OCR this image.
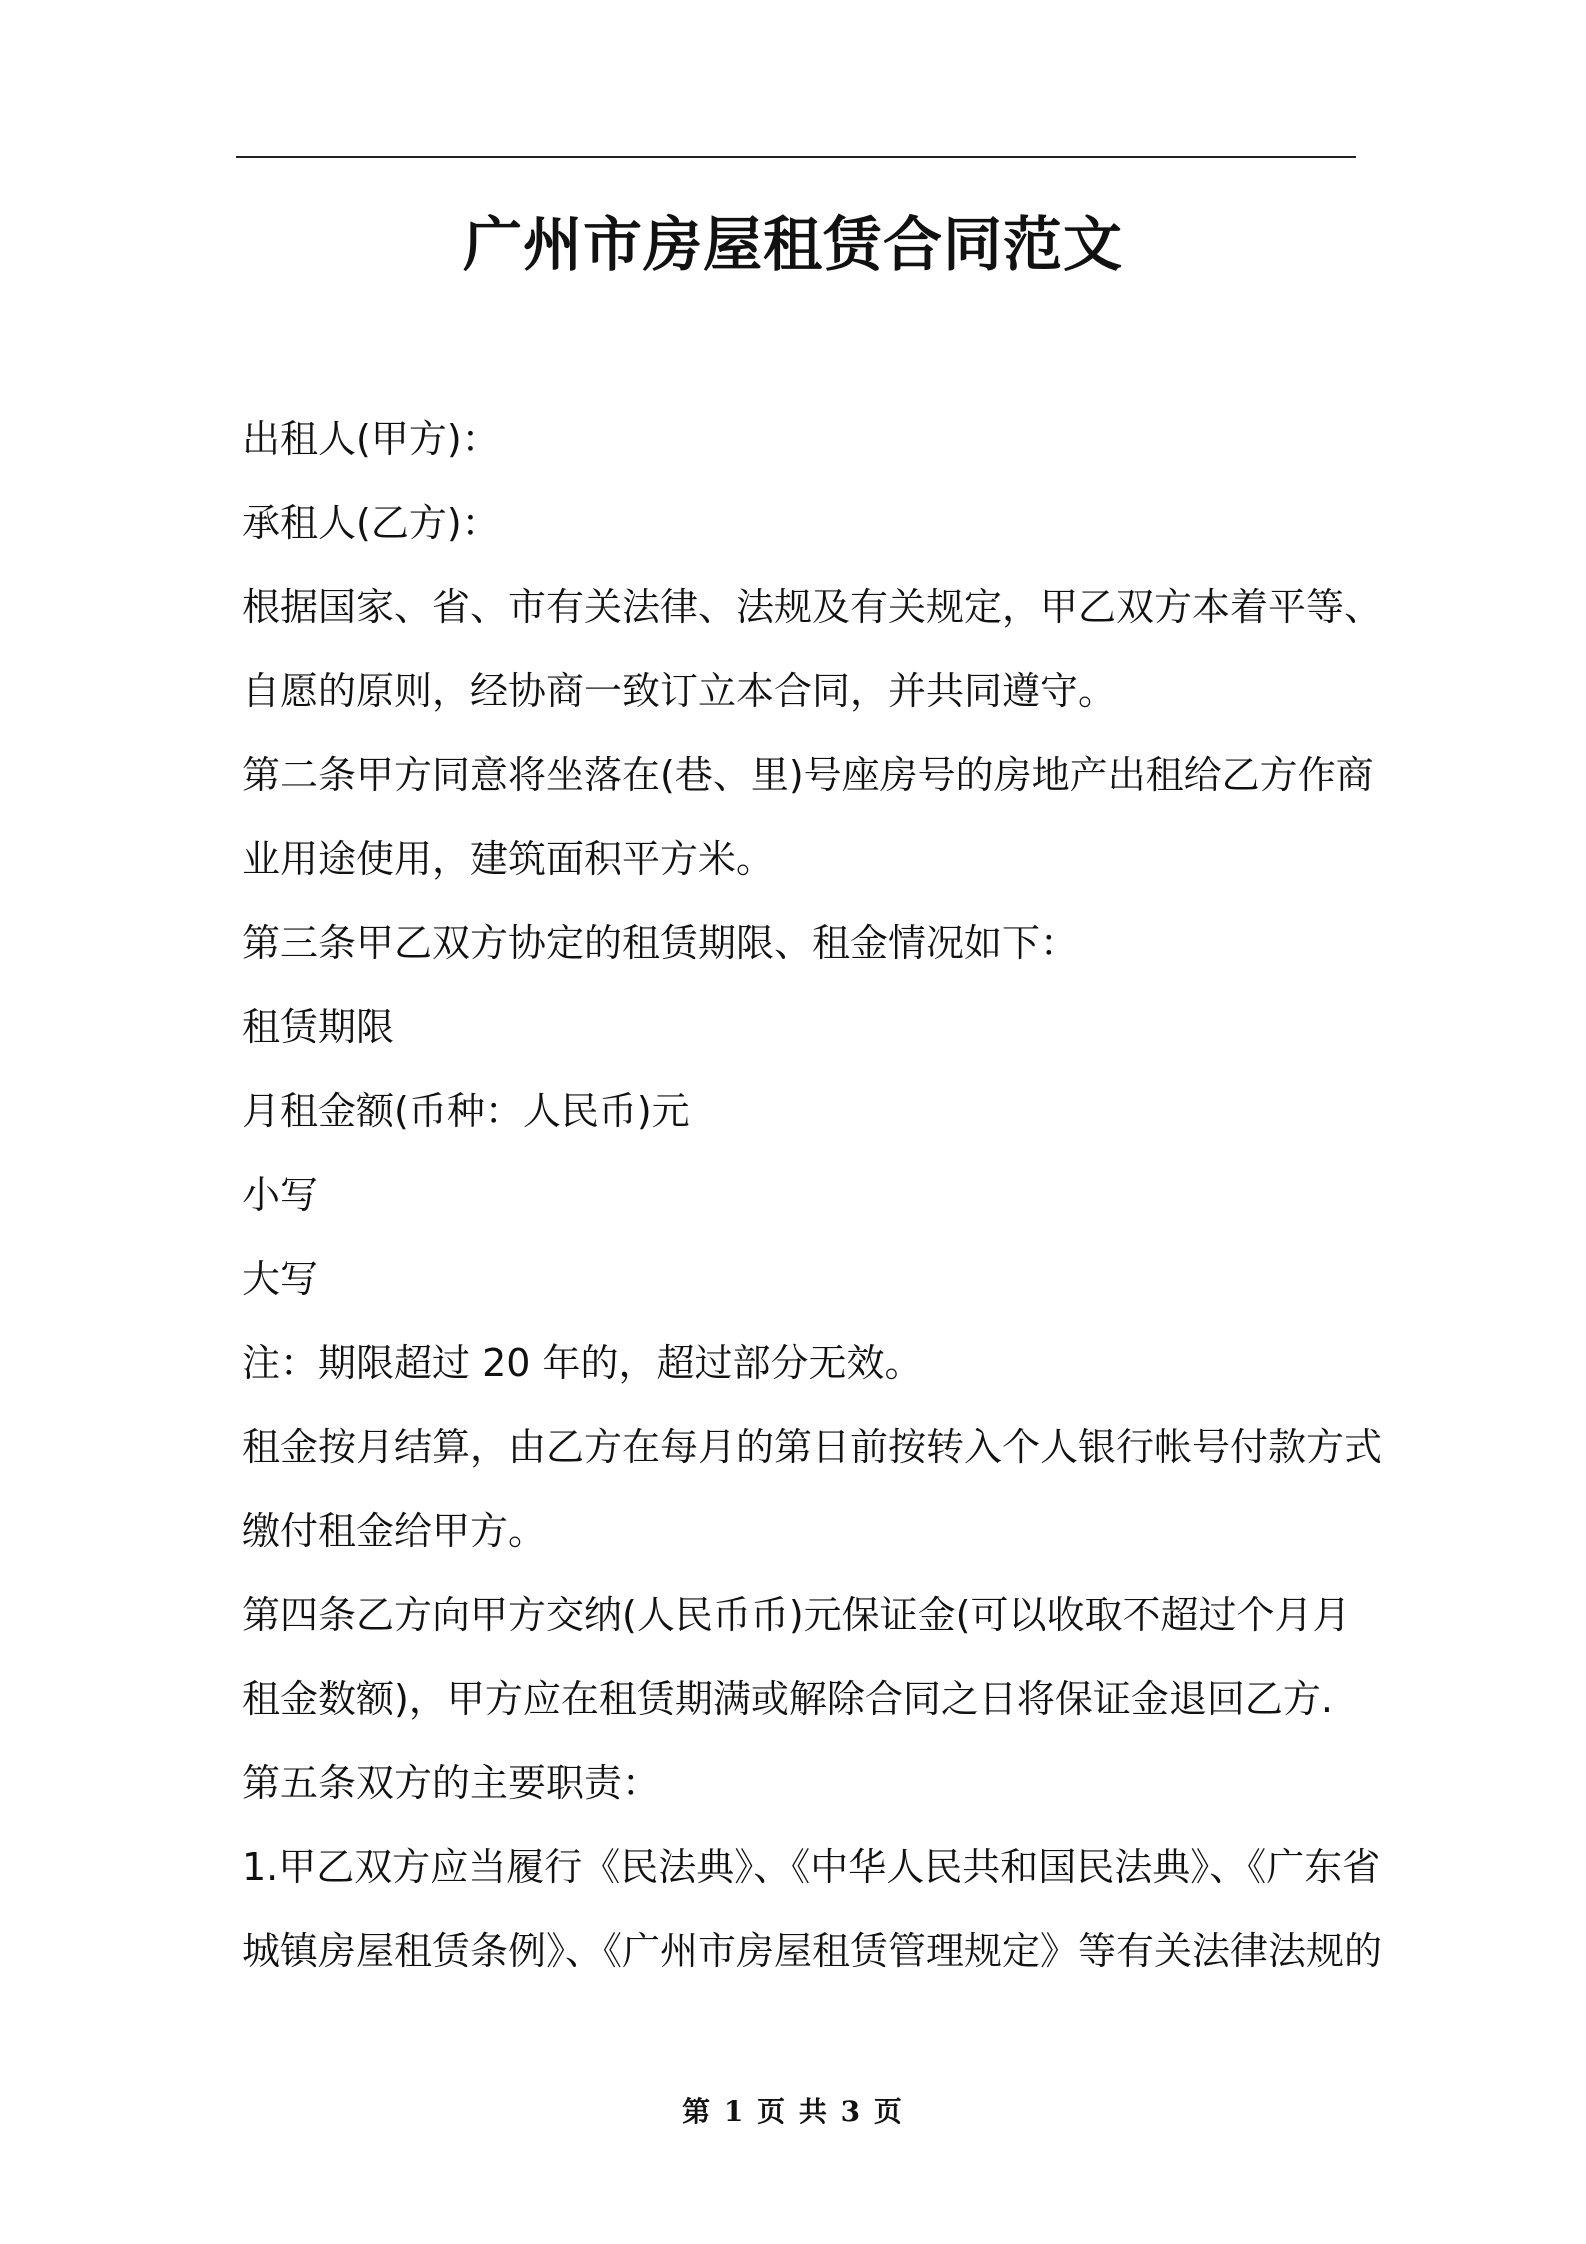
广州市房屋租赁合同范文
出租人(甲方)：
承租人(乙方)：
根据国家、省、市有关法律、法规及有关规定，甲乙双方本着平等、
自愿的原则，经协商一致订立本合同，并共同遵守。
第二条甲方同意将坐落在(巷、里)号座房号的房地产出租给乙方作商
业用途使用，建筑面积平方米。
第三条甲乙双方协定的租赁期限、租金情况如下：
租赁期限
月租金额(币种：人民币)元
小写
大写
注：期限超过 20 年的，超过部分无效。
租金按月结算，由乙方在每月的第日前按转入个人银行帐号付款方式
缴付租金给甲方。
第四条乙方向甲方交纳(人民币币)元保证金(可以收取不超过个月月
租金数额)，甲方应在租赁期满或解除合同之日将保证金退回乙方.
第五条双方的主要职责：
1.甲乙双方应当履行《民法典》、《中华人民共和国民法典》、《广东省
城镇房屋租赁条例》、《广州市房屋租赁管理规定》等有关法律法规的
第 1 页 共 3 页
